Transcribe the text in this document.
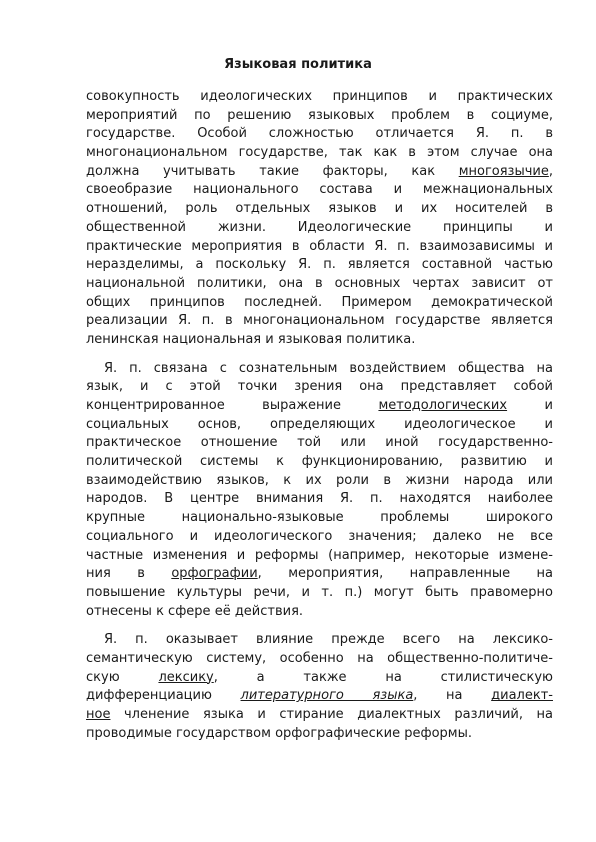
Языковая политика
совокупность идеологических принципов и практических
мероприятий по решению языковых проблем в социуме,
государстве. Особой сложностью отличается Я. п. в
многонациональном государстве, так как в этом случае она
должна учитывать такие факторы, как многоязычие,
своеобразие национального состава и межнациональных
отношений, роль отдельных языков и их носителей в
общественной жизни. Идеологические принципы и
практические мероприятия в области Я. п. взаимозависимы и
неразделимы, а поскольку Я. п. является составной частью
национальной политики, она в основных чертах зависит от
общих принципов последней. Примером демократической
реализации Я. п. в многонациональном государстве является
ленинская национальная и языковая политика.
Я. п. связана с сознательным воздействием общества на
язык, и с этой точки зрения она представляет собой
концентрированное выражение методологических и
социальных основ, определяющих идеологическое и
практическое отношение той или иной государственно-
политической системы к функционированию, развитию и
взаимодействию языков, к их роли в жизни народа или
народов. В центре внимания Я. п. находятся наиболее
крупные национально-языковые проблемы широкого
социального и идеологического значения; далеко не все
частные изменения и реформы (например, некоторые измене-
ния в орфографии, мероприятия, направленные на
повышение культуры речи, и т. п.) могут быть правомерно
отнесены к сфере её действия.
Я. п. оказывает влияние прежде всего на лексико-
семантическую систему, особенно на общественно-политиче-
скую лексику, а также на стилистическую
дифференциацию литературного языка, на диалект-
ное членение языка и стирание диалектных различий, на
проводимые государством орфографические реформы.
